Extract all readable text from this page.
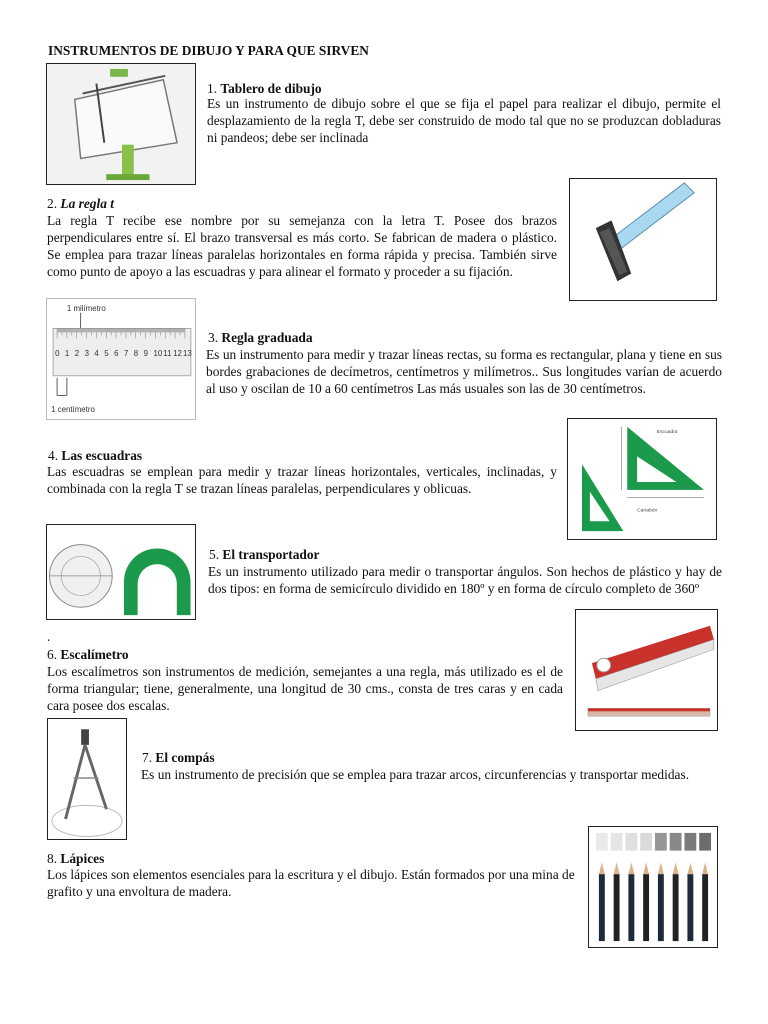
INSTRUMENTOS DE DIBUJO Y PARA QUE SIRVEN
1. Tablero de dibujo
Es un instrumento de dibujo sobre el que se fija el papel para realizar el dibujo, permite el desplazamiento de la regla T, debe ser construido de modo tal que no se produzcan dobladuras ni pandeos; debe ser inclinada
2. La regla t
La regla T recibe ese nombre por su semejanza con la letra T. Posee dos brazos perpendiculares entre sí. El brazo transversal es más corto. Se fabrican de madera o plástico. Se emplea para trazar líneas paralelas horizontales en forma rápida y precisa. También sirve como punto de apoyo a las escuadras y para alinear el formato y proceder a su fijación.
1 milímetro
0 1 2 3 4 5 6 7 8 9 10 11 12 13
1 centímetro
3. Regla graduada
Es un instrumento para medir y trazar líneas rectas, su forma es rectangular, plana y tiene en sus bordes grabaciones de decímetros, centímetros y milímetros.. Sus longitudes varían de acuerdo al uso y oscilan de 10 a 60 centímetros Las más usuales son las de 30 centímetros.
4. Las escuadras
Las escuadras se emplean para medir y trazar líneas horizontales, verticales, inclinadas, y combinada con la regla T se trazan líneas paralelas, perpendiculares y oblicuas.
Escuadra
Cartabón
5. El transportador
Es un instrumento utilizado para medir o transportar ángulos. Son hechos de plástico y hay de dos tipos: en forma de semicírculo dividido en 180º y en forma de círculo completo de 360º
.
6. Escalímetro
Los escalímetros son instrumentos de medición, semejantes a una regla, más utilizado es el de forma triangular; tiene, generalmente, una longitud de 30 cms., consta de tres caras y en cada cara posee dos escalas.
7. El compás
Es un instrumento de precisión que se emplea para trazar arcos, circunferencias y transportar medidas.
8. Lápices
Los lápices son elementos esenciales para la escritura y el dibujo. Están formados por una mina de grafito y una envoltura de madera.
